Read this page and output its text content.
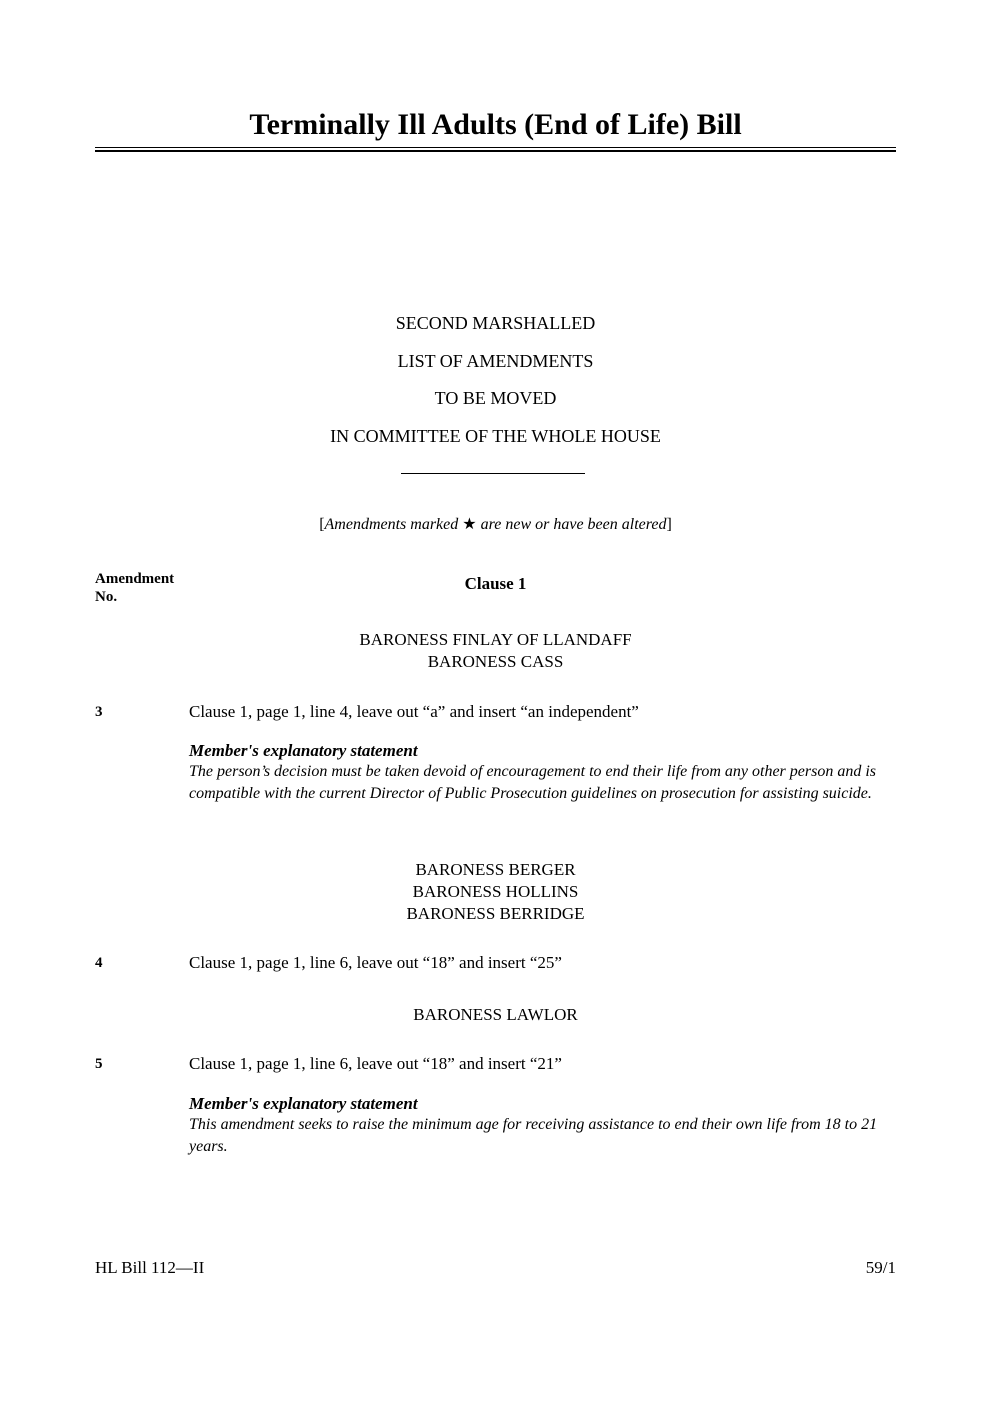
Terminally Ill Adults (End of Life) Bill
SECOND MARSHALLED
LIST OF AMENDMENTS
TO BE MOVED
IN COMMITTEE OF THE WHOLE HOUSE
[Amendments marked ★ are new or have been altered]
Amendment
No.
Clause 1
BARONESS FINLAY OF LLANDAFF
BARONESS CASS
3	Clause 1, page 1, line 4, leave out “a” and insert “an independent”
Member's explanatory statement
The person’s decision must be taken devoid of encouragement to end their life from any other person and is compatible with the current Director of Public Prosecution guidelines on prosecution for assisting suicide.
BARONESS BERGER
BARONESS HOLLINS
BARONESS BERRIDGE
4	Clause 1, page 1, line 6, leave out “18” and insert “25”
BARONESS LAWLOR
5	Clause 1, page 1, line 6, leave out “18” and insert “21”
Member's explanatory statement
This amendment seeks to raise the minimum age for receiving assistance to end their own life from 18 to 21 years.
HL Bill 112—II	59/1
